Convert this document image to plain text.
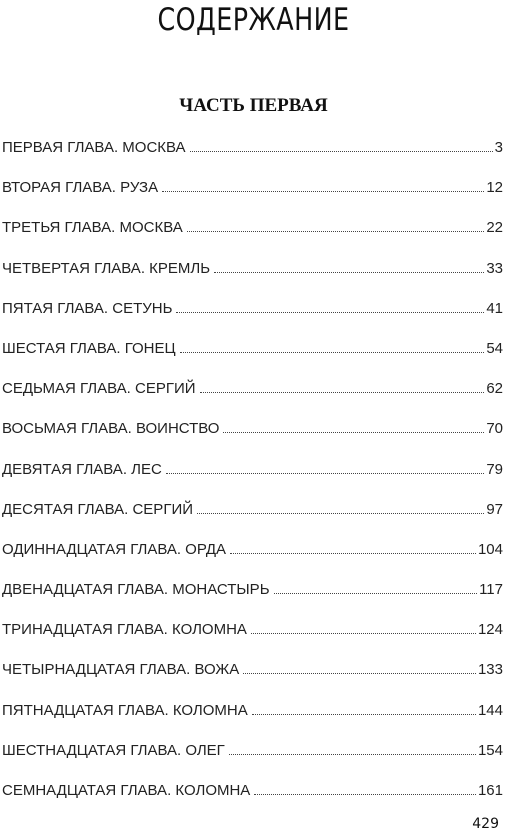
СОДЕРЖАНИЕ
ЧАСТЬ ПЕРВАЯ
ПЕРВАЯ ГЛАВА. МОСКВА	3
ВТОРАЯ ГЛАВА. РУЗА	12
ТРЕТЬЯ ГЛАВА. МОСКВА	22
ЧЕТВЕРТАЯ ГЛАВА. КРЕМЛЬ	33
ПЯТАЯ ГЛАВА. СЕТУНЬ	41
ШЕСТАЯ ГЛАВА. ГОНЕЦ	54
СЕДЬМАЯ ГЛАВА. СЕРГИЙ	62
ВОСЬМАЯ ГЛАВА. ВОИНСТВО	70
ДЕВЯТАЯ ГЛАВА. ЛЕС	79
ДЕСЯТАЯ ГЛАВА. СЕРГИЙ	97
ОДИННАДЦАТАЯ ГЛАВА. ОРДА	104
ДВЕНАДЦАТАЯ ГЛАВА. МОНАСТЫРЬ	117
ТРИНАДЦАТАЯ ГЛАВА. КОЛОМНА	124
ЧЕТЫРНАДЦАТАЯ ГЛАВА. ВОЖА	133
ПЯТНАДЦАТАЯ ГЛАВА. КОЛОМНА	144
ШЕСТНАДЦАТАЯ ГЛАВА. ОЛЕГ	154
СЕМНАДЦАТАЯ ГЛАВА. КОЛОМНА	161
429
